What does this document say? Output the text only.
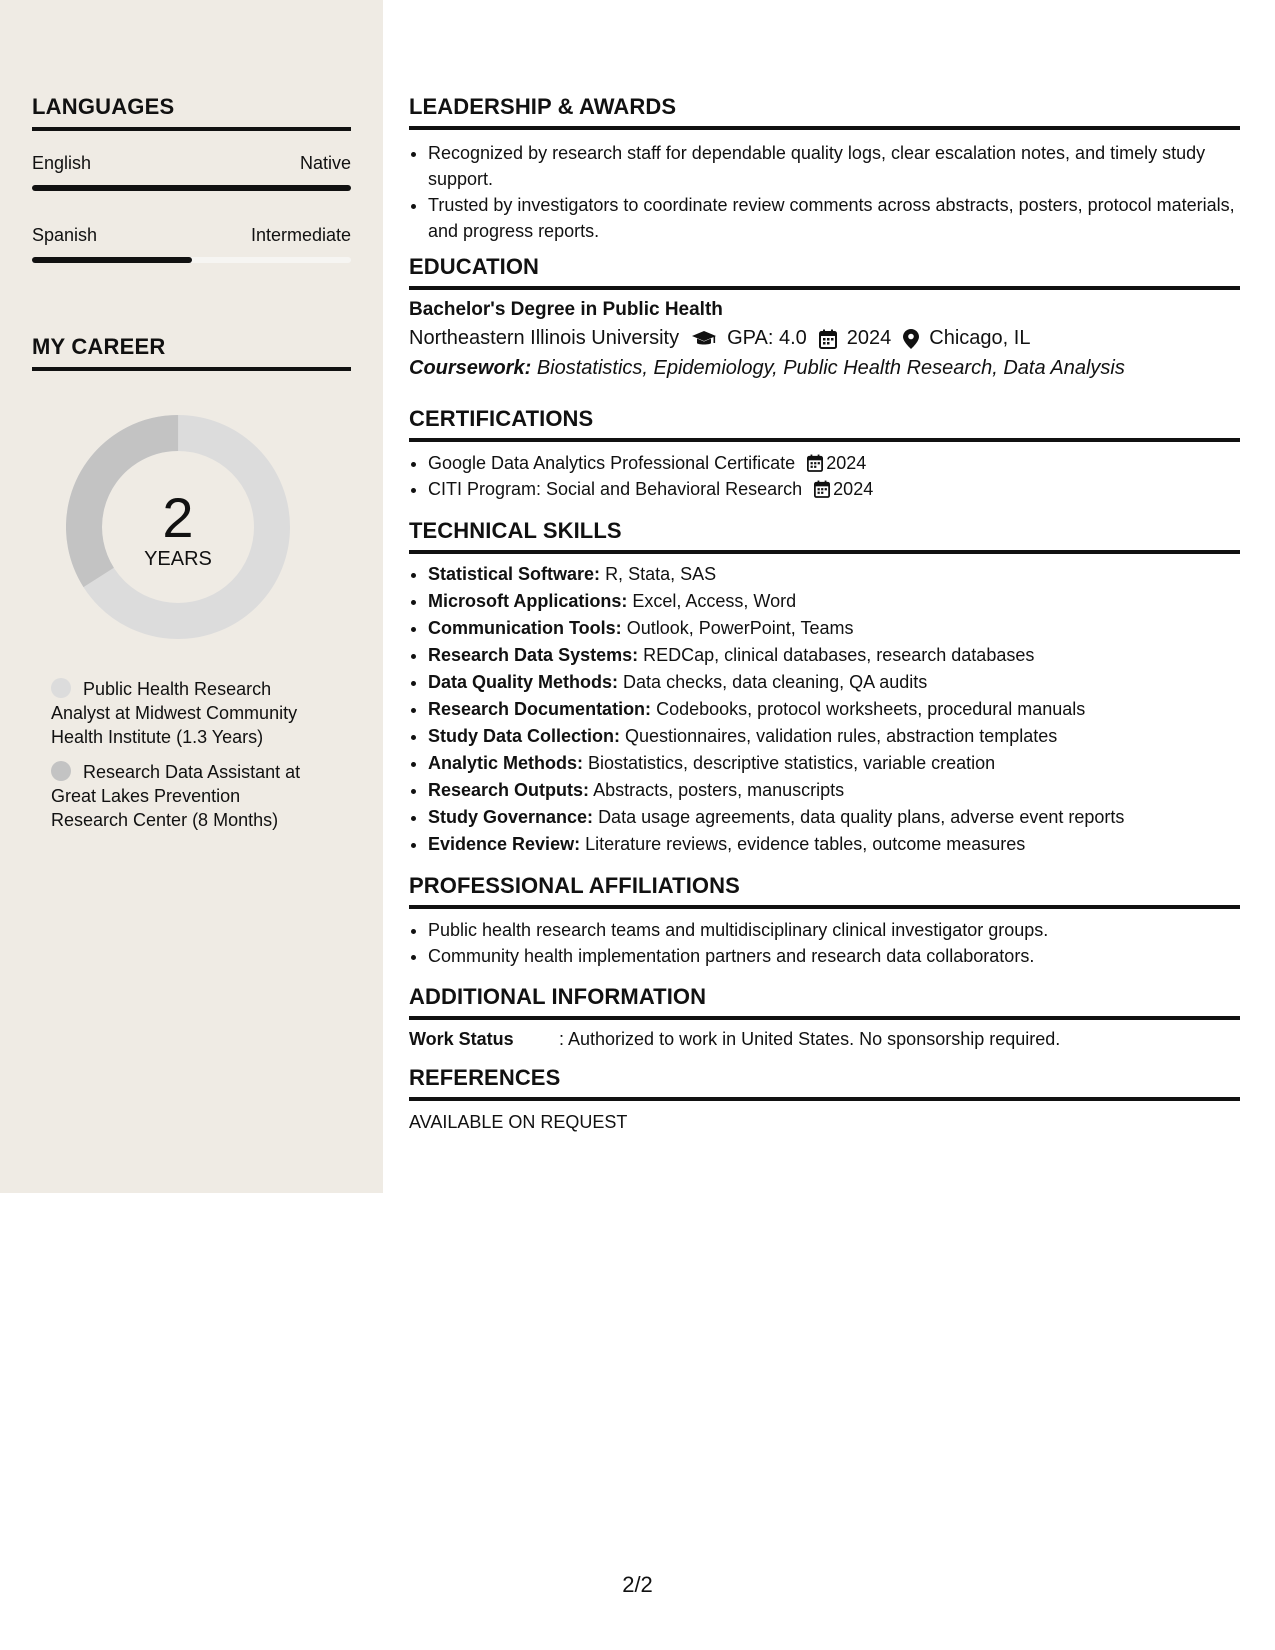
LANGUAGES
English	Native
Spanish	Intermediate
MY CAREER
2
YEARS
Public Health Research Analyst at Midwest Community Health Institute (1.3 Years)
Research Data Assistant at Great Lakes Prevention Research Center (8 Months)
LEADERSHIP & AWARDS
• Recognized by research staff for dependable quality logs, clear escalation notes, and timely study support.
• Trusted by investigators to coordinate review comments across abstracts, posters, protocol materials, and progress reports.
EDUCATION
Bachelor's Degree in Public Health
Northeastern Illinois University GPA: 4.0 2024 Chicago, IL
Coursework: Biostatistics, Epidemiology, Public Health Research, Data Analysis
CERTIFICATIONS
• Google Data Analytics Professional Certificate 2024
• CITI Program: Social and Behavioral Research 2024
TECHNICAL SKILLS
• Statistical Software: R, Stata, SAS
• Microsoft Applications: Excel, Access, Word
• Communication Tools: Outlook, PowerPoint, Teams
• Research Data Systems: REDCap, clinical databases, research databases
• Data Quality Methods: Data checks, data cleaning, QA audits
• Research Documentation: Codebooks, protocol worksheets, procedural manuals
• Study Data Collection: Questionnaires, validation rules, abstraction templates
• Analytic Methods: Biostatistics, descriptive statistics, variable creation
• Research Outputs: Abstracts, posters, manuscripts
• Study Governance: Data usage agreements, data quality plans, adverse event reports
• Evidence Review: Literature reviews, evidence tables, outcome measures
PROFESSIONAL AFFILIATIONS
• Public health research teams and multidisciplinary clinical investigator groups.
• Community health implementation partners and research data collaborators.
ADDITIONAL INFORMATION
Work Status	: Authorized to work in United States. No sponsorship required.
REFERENCES
AVAILABLE ON REQUEST
2/2
